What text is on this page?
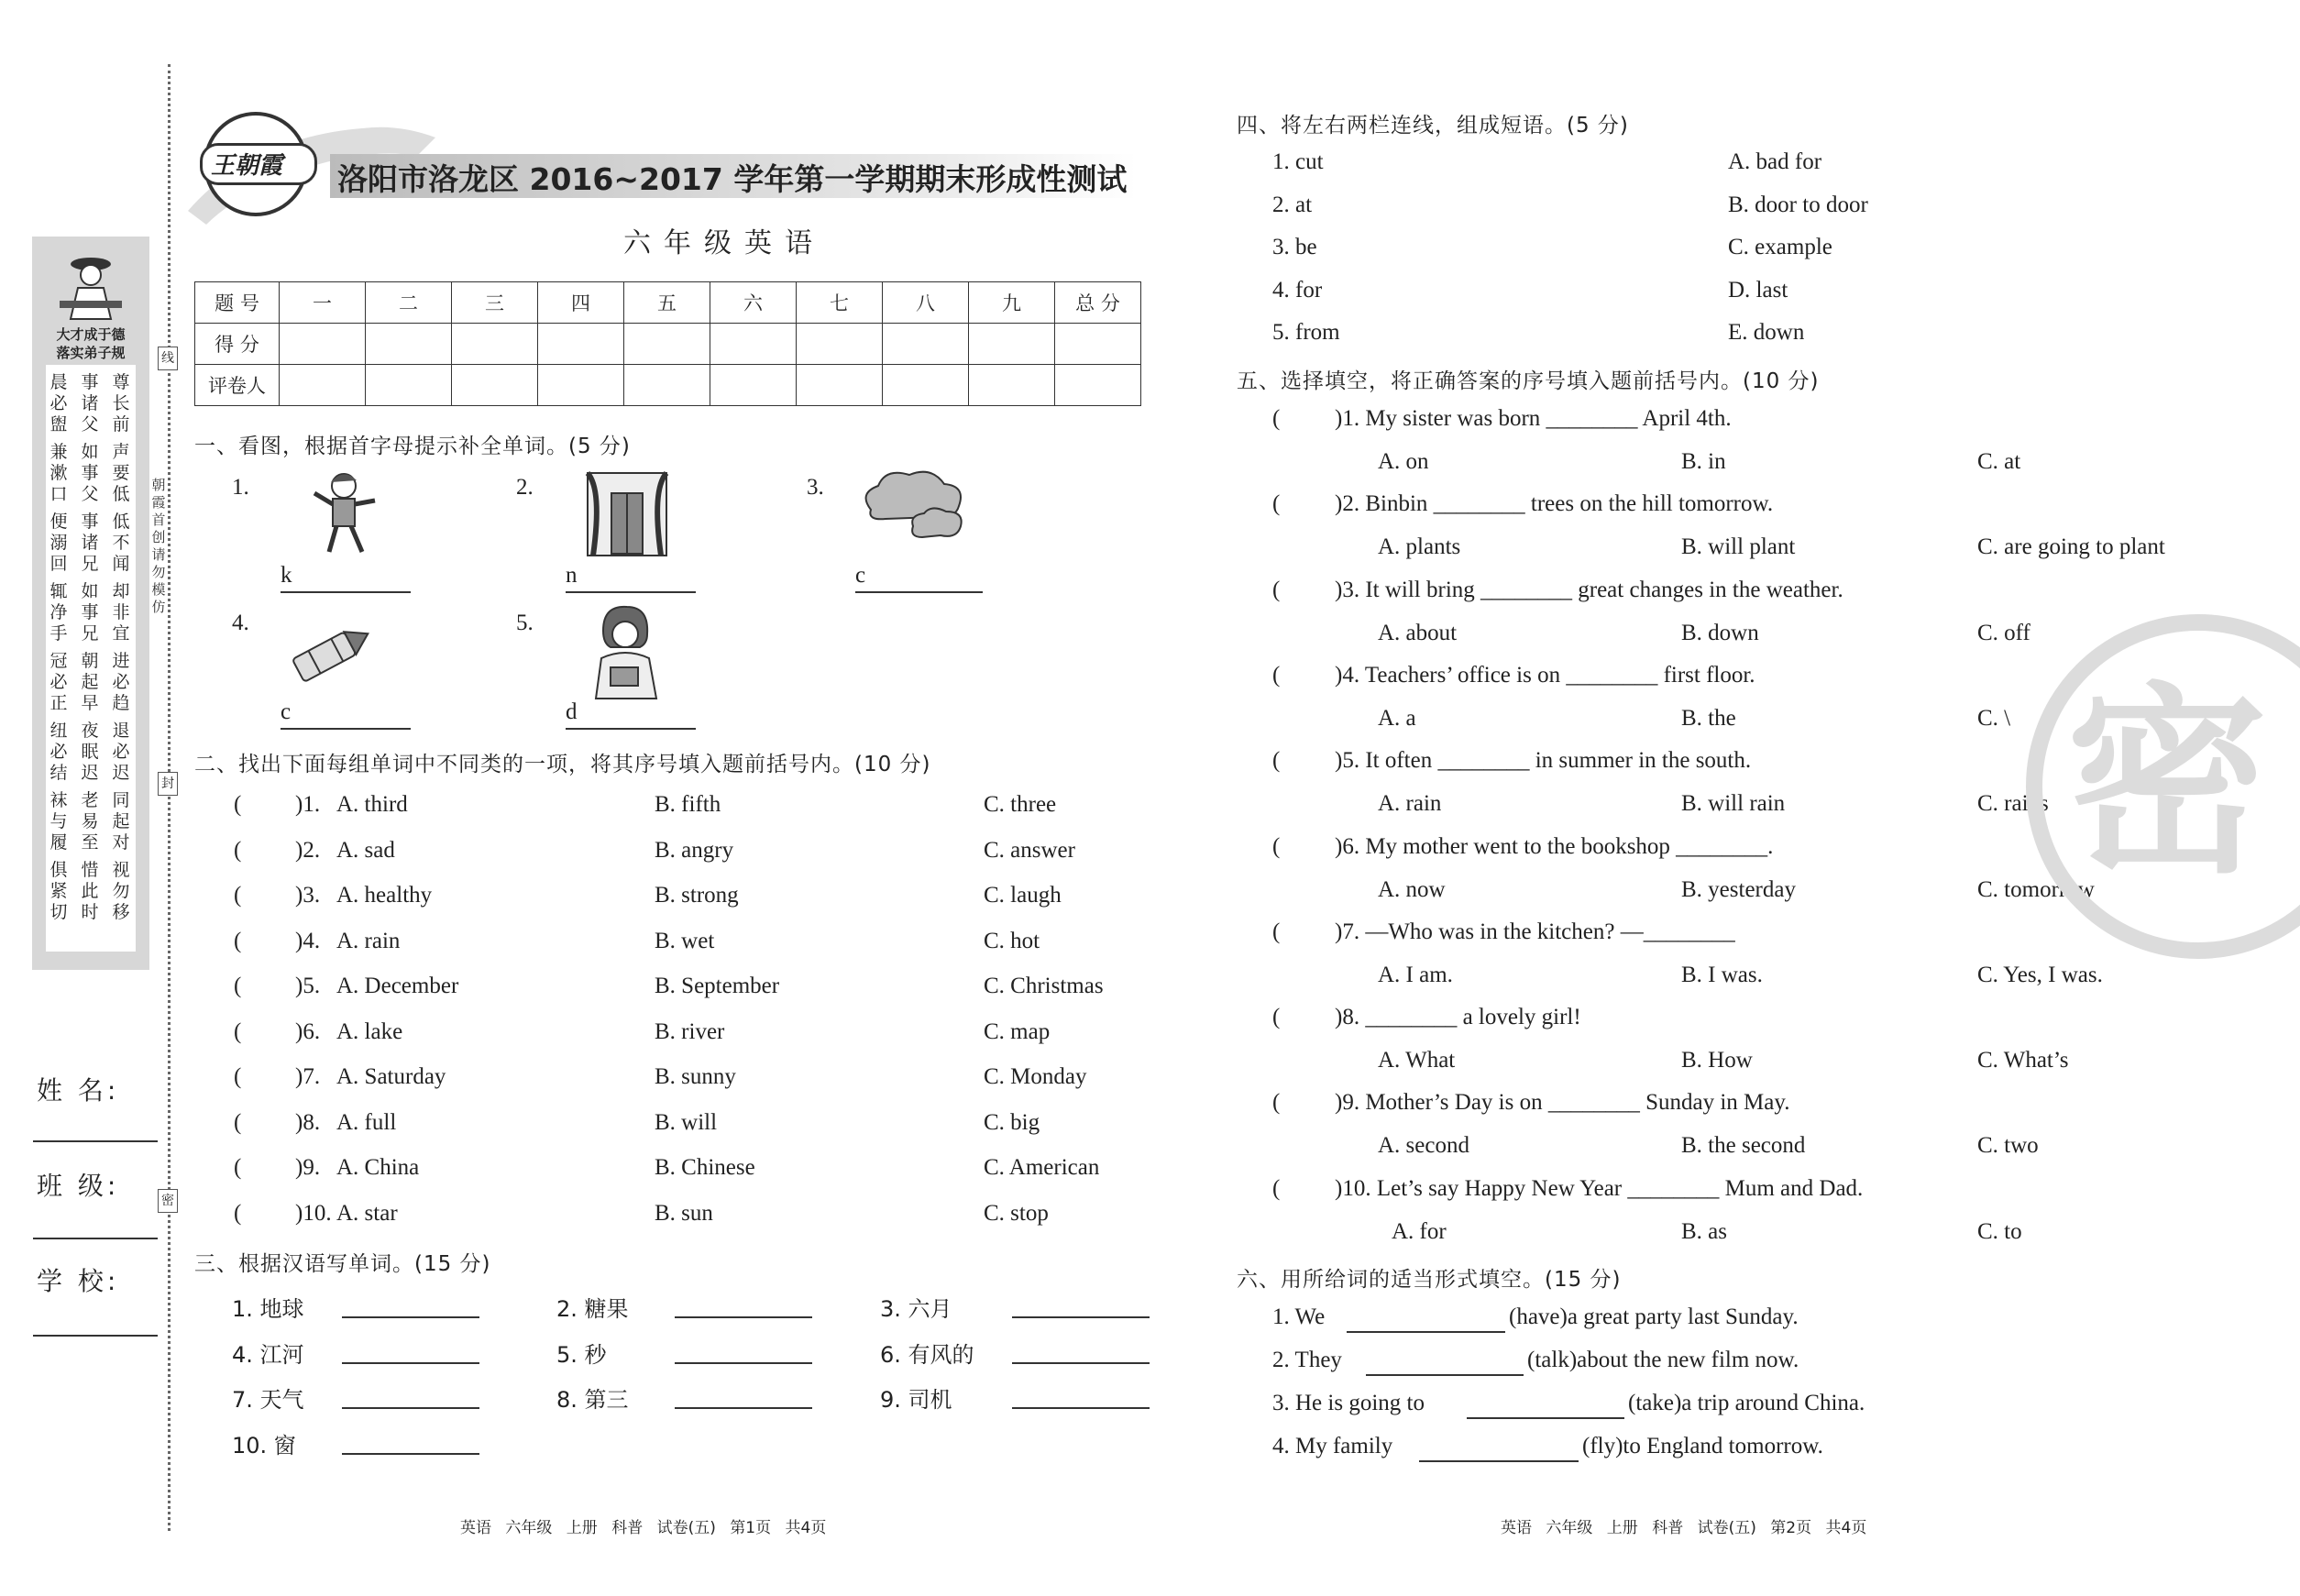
大才成于德
落实弟子规
晨必盥
事诸父
尊长前
兼漱口
如事父
声要低
便溺回
事诸兄
低不闻
辄净手
如事兄
却非宜
冠必正
朝起早
进必趋
纽必结
夜眠迟
退必迟
袜与履
老易至
同起对
俱紧切
惜此时
视勿移
朝霞首创 请勿模仿
线
封
密
姓 名:
班 级:
学 校:
王朝霞 洛阳市洛龙区 2016~2017 学年第一学期期末形成性测试
六年级英语
题 号	一	二	三	四	五	六	七	八	九	总 分
得 分										
评卷人										
一、看图，根据首字母提示补全单词。(5 分)
1.
k
2.
n
3.
c
4.
c
5.
d
二、找出下面每组单词中不同类的一项，将其序号填入题前括号内。(10 分)
( )1. A. third	B. fifth	C. three
( )2. A. sad	B. angry	C. answer
( )3. A. healthy	B. strong	C. laugh
( )4. A. rain	B. wet	C. hot
( )5. A. December	B. September	C. Christmas
( )6. A. lake	B. river	C. map
( )7. A. Saturday	B. sunny	C. Monday
( )8. A. full	B. will	C. big
( )9. A. China	B. Chinese	C. American
( )10. A. star	B. sun	C. stop
三、根据汉语写单词。(15 分)
1. 地球	2. 糖果	3. 六月
4. 江河	5. 秒	6. 有风的
7. 天气	8. 第三	9. 司机
10. 窗
四、将左右两栏连线，组成短语。(5 分)
1. cut	A. bad for
2. at	B. door to door
3. be	C. example
4. for	D. last
5. from	E. down
五、选择填空，将正确答案的序号填入题前括号内。(10 分)
( )1. My sister was born ________ April 4th.
A. on	B. in	C. at
( )2. Binbin ________ trees on the hill tomorrow.
A. plants	B. will plant	C. are going to plant
( )3. It will bring ________ great changes in the weather.
A. about	B. down	C. off
( )4. Teachers’ office is on ________ first floor.
A. a	B. the	C. \
( )5. It often ________ in summer in the south.
A. rain	B. will rain	C. rains
( )6. My mother went to the bookshop ________.
A. now	B. yesterday	C. tomorrow
( )7. —Who was in the kitchen? —________
A. I am.	B. I was.	C. Yes, I was.
( )8. ________ a lovely girl!
A. What	B. How	C. What’s
( )9. Mother’s Day is on ________ Sunday in May.
A. second	B. the second	C. two
( )10. Let’s say Happy New Year ________ Mum and Dad.
A. for	B. as	C. to
六、用所给词的适当形式填空。(15 分)
1. We	(have)a great party last Sunday.
2. They	(talk)about the new film now.
3. He is going to	(take)a trip around China.
4. My family	(fly)to England tomorrow.
密
英语 六年级 上册 科普 试卷(五) 第1页 共4页	英语 六年级 上册 科普 试卷(五) 第2页 共4页
